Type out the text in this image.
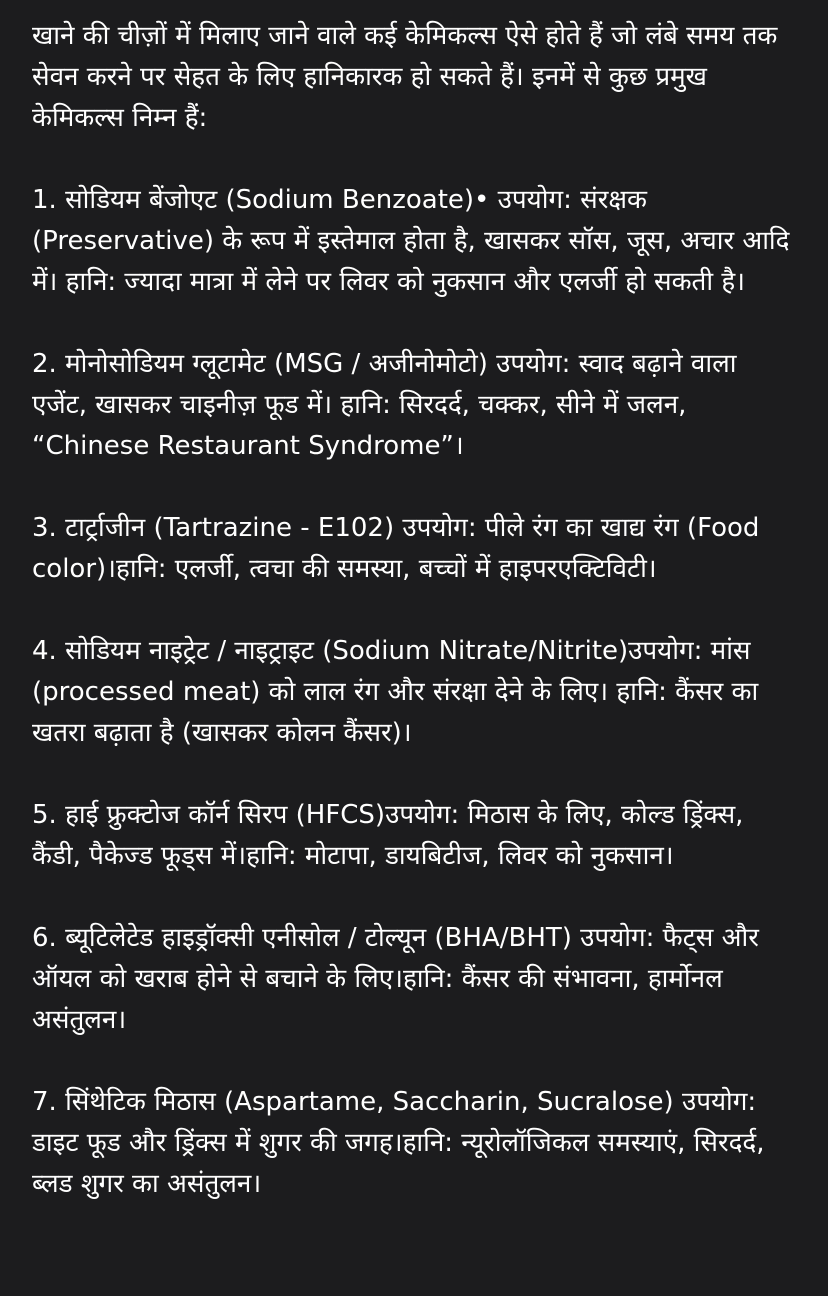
खाने की चीज़ों में मिलाए जाने वाले कई केमिकल्स ऐसे होते हैं जो लंबे समय तक सेवन करने पर सेहत के लिए हानिकारक हो सकते हैं। इनमें से कुछ प्रमुख केमिकल्स निम्न हैं:

1. सोडियम बेंजोएट (Sodium Benzoate)• उपयोग: संरक्षक (Preservative) के रूप में इस्तेमाल होता है, खासकर सॉस, जूस, अचार आदि में। हानि: ज्यादा मात्रा में लेने पर लिवर को नुकसान और एलर्जी हो सकती है।

2. मोनोसोडियम ग्लूटामेट (MSG / अजीनोमोटो) उपयोग: स्वाद बढ़ाने वाला एजेंट, खासकर चाइनीज़ फूड में। हानि: सिरदर्द, चक्कर, सीने में जलन, “Chinese Restaurant Syndrome”।

3. टार्ट्राजीन (Tartrazine - E102) उपयोग: पीले रंग का खाद्य रंग (Food color)।हानि: एलर्जी, त्वचा की समस्या, बच्चों में हाइपरएक्टिविटी।

4. सोडियम नाइट्रेट / नाइट्राइट (Sodium Nitrate/Nitrite)उपयोग: मांस (processed meat) को लाल रंग और संरक्षा देने के लिए। हानि: कैंसर का खतरा बढ़ाता है (खासकर कोलन कैंसर)।

5. हाई फ्रुक्टोज कॉर्न सिरप (HFCS)उपयोग: मिठास के लिए, कोल्ड ड्रिंक्स, कैंडी, पैकेज्ड फूड्स में।हानि: मोटापा, डायबिटीज, लिवर को नुकसान।

6. ब्यूटिलेटेड हाइड्रॉक्सी एनीसोल / टोल्यून (BHA/BHT) उपयोग: फैट्स और ऑयल को खराब होने से बचाने के लिए।हानि: कैंसर की संभावना, हार्मोनल असंतुलन।

7. सिंथेटिक मिठास (Aspartame, Saccharin, Sucralose) उपयोग: डाइट फूड और ड्रिंक्स में शुगर की जगह।हानि: न्यूरोलॉजिकल समस्याएं, सिरदर्द, ब्लड शुगर का असंतुलन।
